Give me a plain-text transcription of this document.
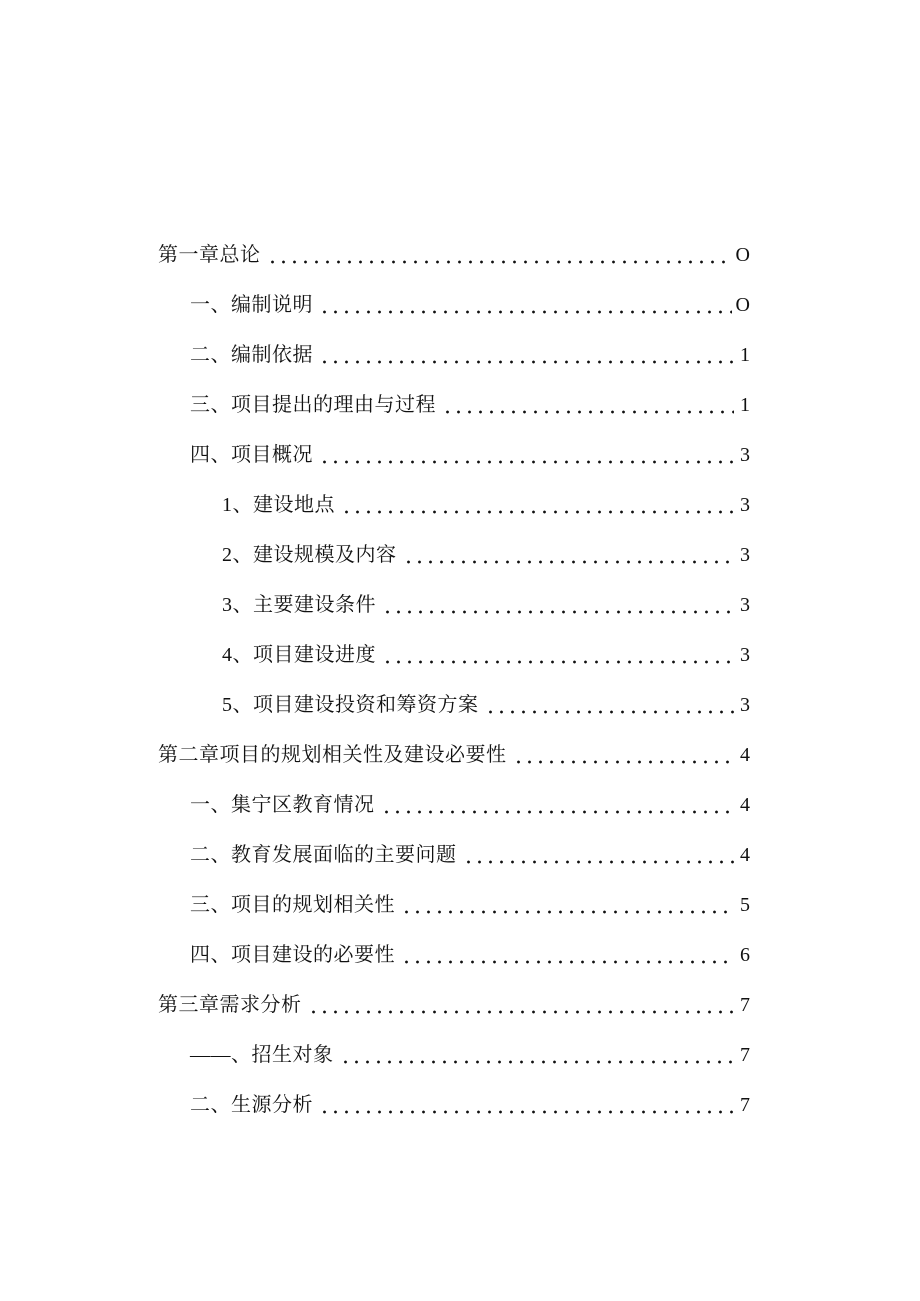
第一章总论	O
一、编制说明	O
二、编制依据	1
三、项目提出的理由与过程	1
四、项目概况	3
1、建设地点	3
2、建设规模及内容	3
3、主要建设条件	3
4、项目建设进度	3
5、项目建设投资和筹资方案	3
第二章项目的规划相关性及建设必要性	4
一、集宁区教育情况	4
二、教育发展面临的主要问题	4
三、项目的规划相关性	5
四、项目建设的必要性	6
第三章需求分析	7
——、招生对象	7
二、生源分析	7
